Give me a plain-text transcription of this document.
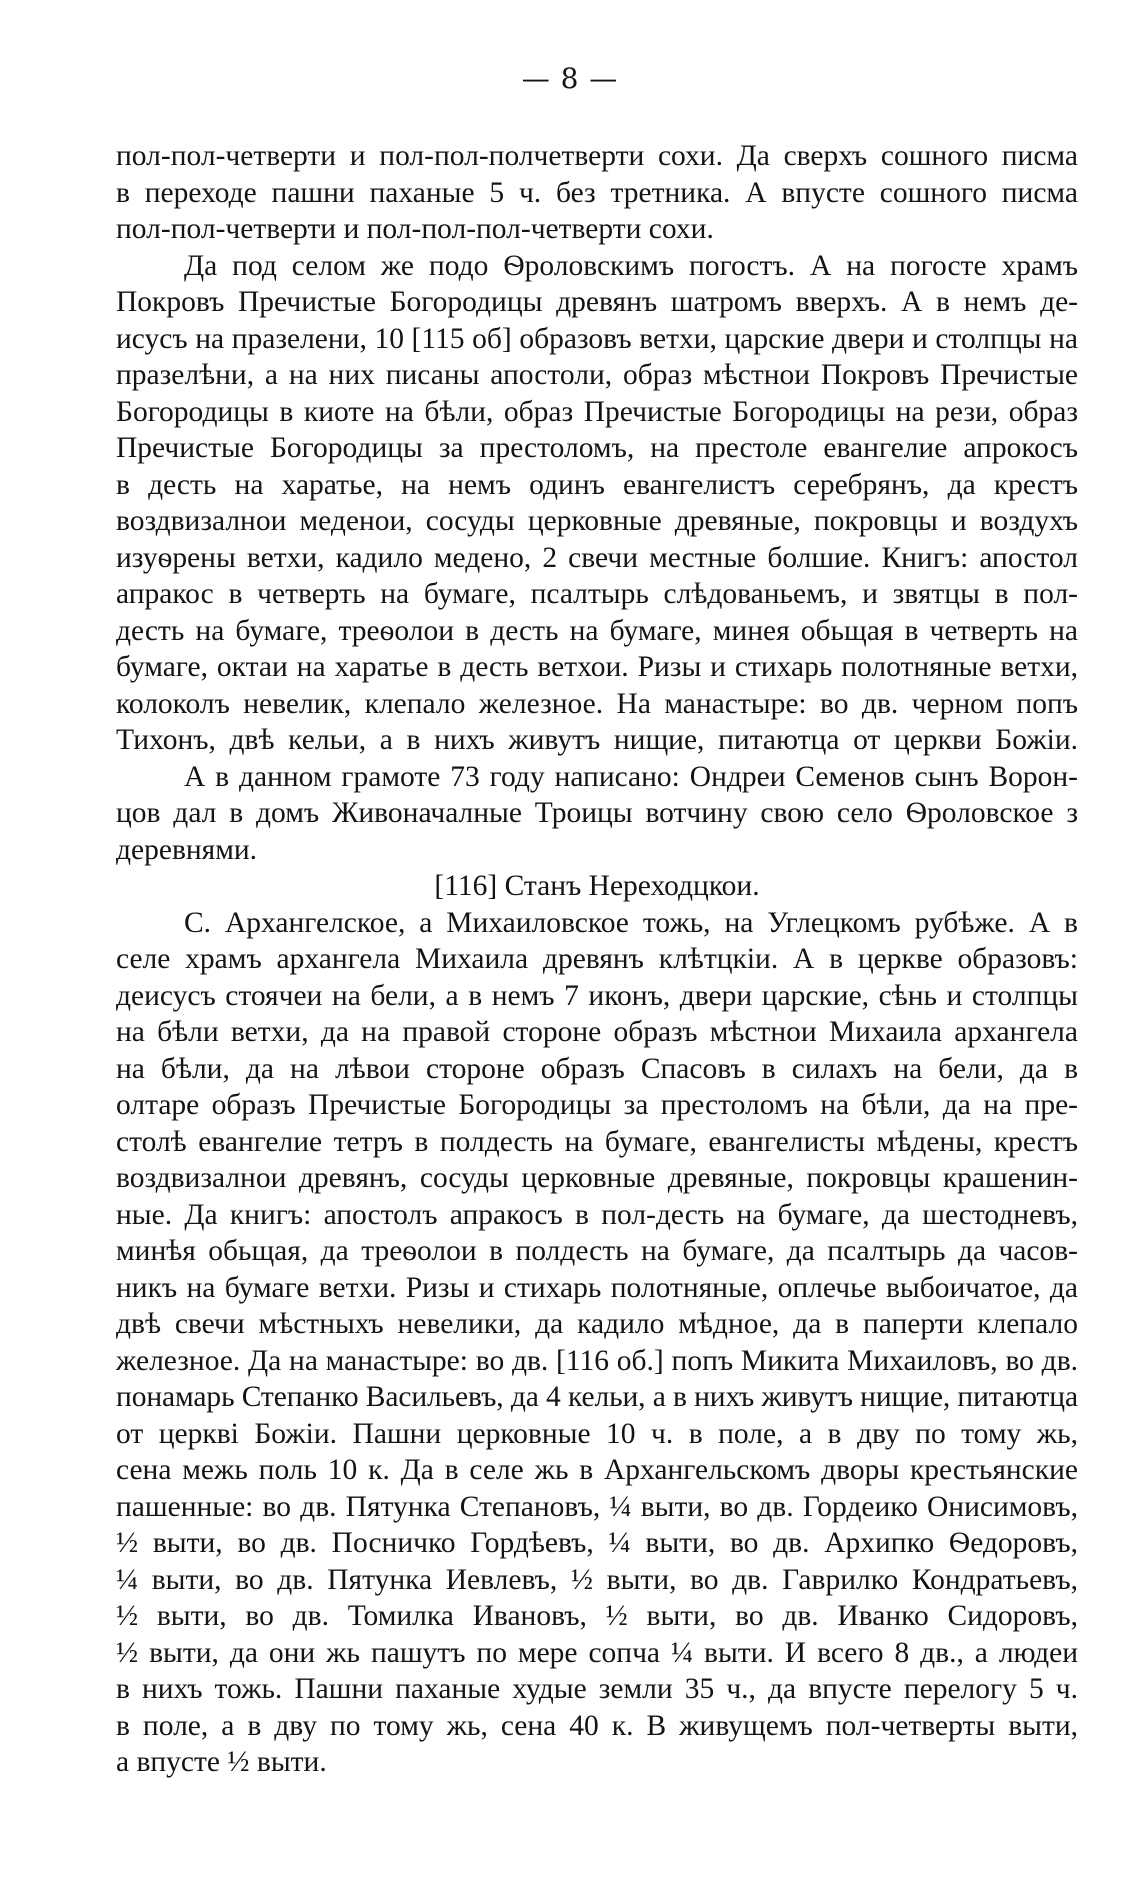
— 8 —
пол-пол-четверти и пол-пол-полчетверти сохи. Да сверхъ сошного писма
в переходе пашни паханые 5 ч. без третника. А впусте сошного писма
пол-пол-четверти и пол-пол-пол-четверти сохи.
Да под селом же подо Ѳроловскимъ погостъ. А на погосте храмъ
Покровъ Пречистые Богородицы древянъ шатромъ вверхъ. А в немъ де-
исусъ на празелени, 10 [115 об] образовъ ветхи, царские двери и столпцы на
празелѣни, а на них писаны апостоли, образ мѣстнои Покровъ Пречистые
Богородицы в киоте на бѣли, образ Пречистые Богородицы на рези, образ
Пречистые Богородицы за престоломъ, на престоле евангелие апрокосъ
в десть на харатье, на немъ одинъ евангелистъ серебрянъ, да крестъ
воздвизалнои меденои, сосуды церковные древяные, покровцы и воздухъ
изуѳрены ветхи, кадило медено, 2 свечи местные болшие. Книгъ: апостол
апракос в четверть на бумаге, псалтырь слѣдованьемъ, и звятцы в пол-
десть на бумаге, треѳолои в десть на бумаге, минея обьщая в четверть на
бумаге, октаи на харатье в десть ветхои. Ризы и стихарь полотняные ветхи,
колоколъ невелик, клепало железное. На манастыре: во дв. черном попъ
Тихонъ, двѣ кельи, а в нихъ живутъ нищие, питаютца от церкви Божiи.
А в данном грамоте 73 году написано: Ондреи Семенов сынъ Ворон-
цов дал в домъ Живоначалные Троицы вотчину свою село Ѳроловское з
деревнями.
[116] Станъ Нереходцкои.
С. Архангелское, а Михаиловское тожь, на Углецкомъ рубѣже. А в
селе храмъ архангела Михаила древянъ клѣтцкiи. А в церкве образовъ:
деисусъ стоячеи на бели, а в немъ 7 иконъ, двери царские, сѣнь и столпцы
на бѣли ветхи, да на правой стороне образъ мѣстнои Михаила архангела
на бѣли, да на лѣвои стороне образъ Спасовъ в силахъ на бели, да в
олтаре образъ Пречистые Богородицы за престоломъ на бѣли, да на пре-
столѣ евангелие тетръ в полдесть на бумаге, евангелисты мѣдены, крестъ
воздвизалнои древянъ, сосуды церковные древяные, покровцы крашенин-
ные. Да книгъ: апостолъ апракосъ в пол-десть на бумаге, да шестодневъ,
минѣя обьщая, да треѳолои в полдесть на бумаге, да псалтырь да часов-
никъ на бумаге ветхи. Ризы и стихарь полотняные, оплечье выбоичатое, да
двѣ свечи мѣстныхъ невелики, да кадило мѣдное, да в паперти клепало
железное. Да на манастыре: во дв. [116 об.] попъ Микита Михаиловъ, во дв.
понамарь Степанко Васильевъ, да 4 кельи, а в нихъ живутъ нищие, питаютца
от церквi Божiи. Пашни церковные 10 ч. в поле, а в дву по тому жь,
сена межь поль 10 к. Да в селе жь в Архангельскомъ дворы крестьянские
пашенные: во дв. Пятунка Степановъ, ¼ выти, во дв. Гордеико Онисимовъ,
½ выти, во дв. Посничко Гордѣевъ, ¼ выти, во дв. Архипко Ѳедоровъ,
¼ выти, во дв. Пятунка Иевлевъ, ½ выти, во дв. Гаврилко Кондратьевъ,
½ выти, во дв. Томилка Ивановъ, ½ выти, во дв. Иванко Сидоровъ,
½ выти, да они жь пашутъ по мере сопча ¼ выти. И всего 8 дв., а людеи
в нихъ тожь. Пашни паханые худые земли 35 ч., да впусте перелогу 5 ч.
в поле, а в дву по тому жь, сена 40 к. В живущемъ пол-четверты выти,
а впусте ½ выти.
